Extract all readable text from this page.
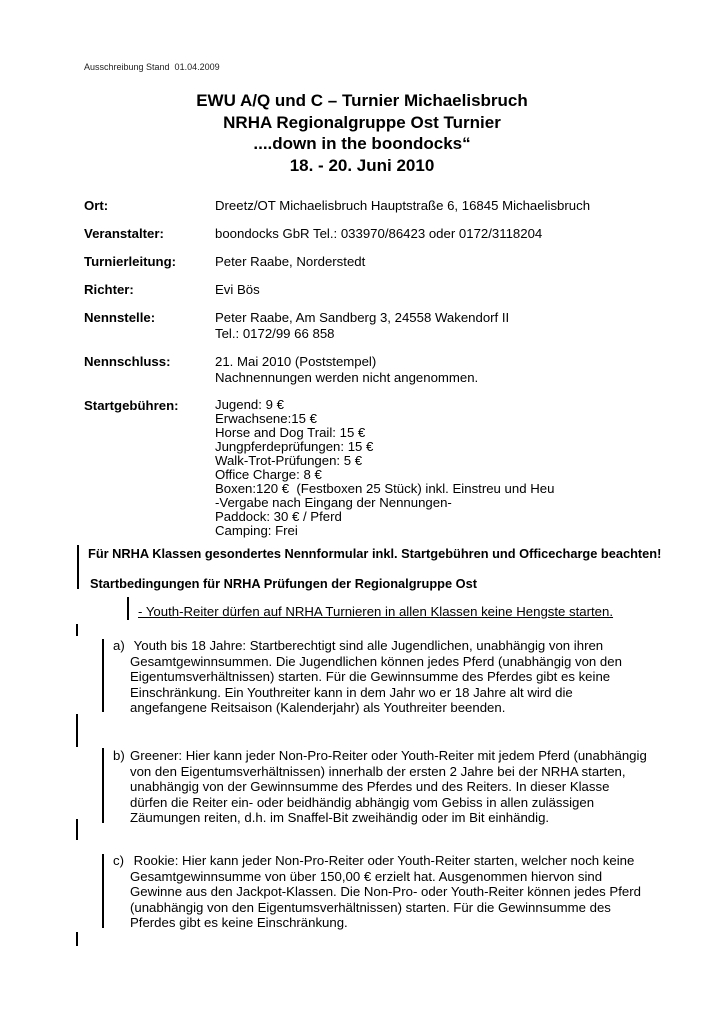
Ausschreibung Stand  01.04.2009
EWU A/Q und C – Turnier Michaelisbruch
NRHA Regionalgruppe Ost Turnier
....down in the boondocks“
18. - 20. Juni 2010
Ort:	Dreetz/OT Michaelisbruch Hauptstraße 6, 16845 Michaelisbruch
Veranstalter:	boondocks GbR Tel.: 033970/86423 oder 0172/3118204
Turnierleitung:	Peter Raabe, Norderstedt
Richter:	Evi Bös
Nennstelle:	Peter Raabe, Am Sandberg 3, 24558 Wakendorf II
Tel.: 0172/99 66 858
Nennschluss:	21. Mai 2010 (Poststempel)
Nachnennungen werden nicht angenommen.
Startgebühren:	Jugend: 9 €
Erwachsene:15 €
Horse and Dog Trail: 15 €
Jungpferdeprüfungen: 15 €
Walk-Trot-Prüfungen: 5 €
Office Charge: 8 €
Boxen:120 €  (Festboxen 25 Stück) inkl. Einstreu und Heu
-Vergabe nach Eingang der Nennungen-
Paddock: 30 € / Pferd
Camping: Frei
Für NRHA Klassen gesondertes Nennformular inkl. Startgebühren und Officecharge beachten!
Startbedingungen für NRHA Prüfungen der Regionalgruppe Ost
- Youth-Reiter dürfen auf NRHA Turnieren in allen Klassen keine Hengste starten.
a) Youth bis 18 Jahre: Startberechtigt sind alle Jugendlichen, unabhängig von ihren Gesamtgewinnsummen. Die Jugendlichen können jedes Pferd (unabhängig von den Eigentumsverhältnissen) starten. Für die Gewinnsumme des Pferdes gibt es keine Einschränkung. Ein Youthreiter kann in dem Jahr wo er 18 Jahre alt wird die angefangene Reitsaison (Kalenderjahr) als Youthreiter beenden.
b) Greener: Hier kann jeder Non-Pro-Reiter oder Youth-Reiter mit jedem Pferd (unabhängig von den Eigentumsverhältnissen) innerhalb der ersten 2 Jahre bei der NRHA starten, unabhängig von der Gewinnsumme des Pferdes und des Reiters. In dieser Klasse dürfen die Reiter ein- oder beidhändig abhängig vom Gebiss in allen zulässigen Zäumungen reiten, d.h. im Snaffel-Bit zweihändig oder im Bit einhändig.
c) Rookie: Hier kann jeder Non-Pro-Reiter oder Youth-Reiter starten, welcher noch keine Gesamtgewinnsumme von über 150,00 € erzielt hat. Ausgenommen hiervon sind Gewinne aus den Jackpot-Klassen. Die Non-Pro- oder Youth-Reiter können jedes Pferd (unabhängig von den Eigentumsverhältnissen) starten. Für die Gewinnsumme des Pferdes gibt es keine Einschränkung.
